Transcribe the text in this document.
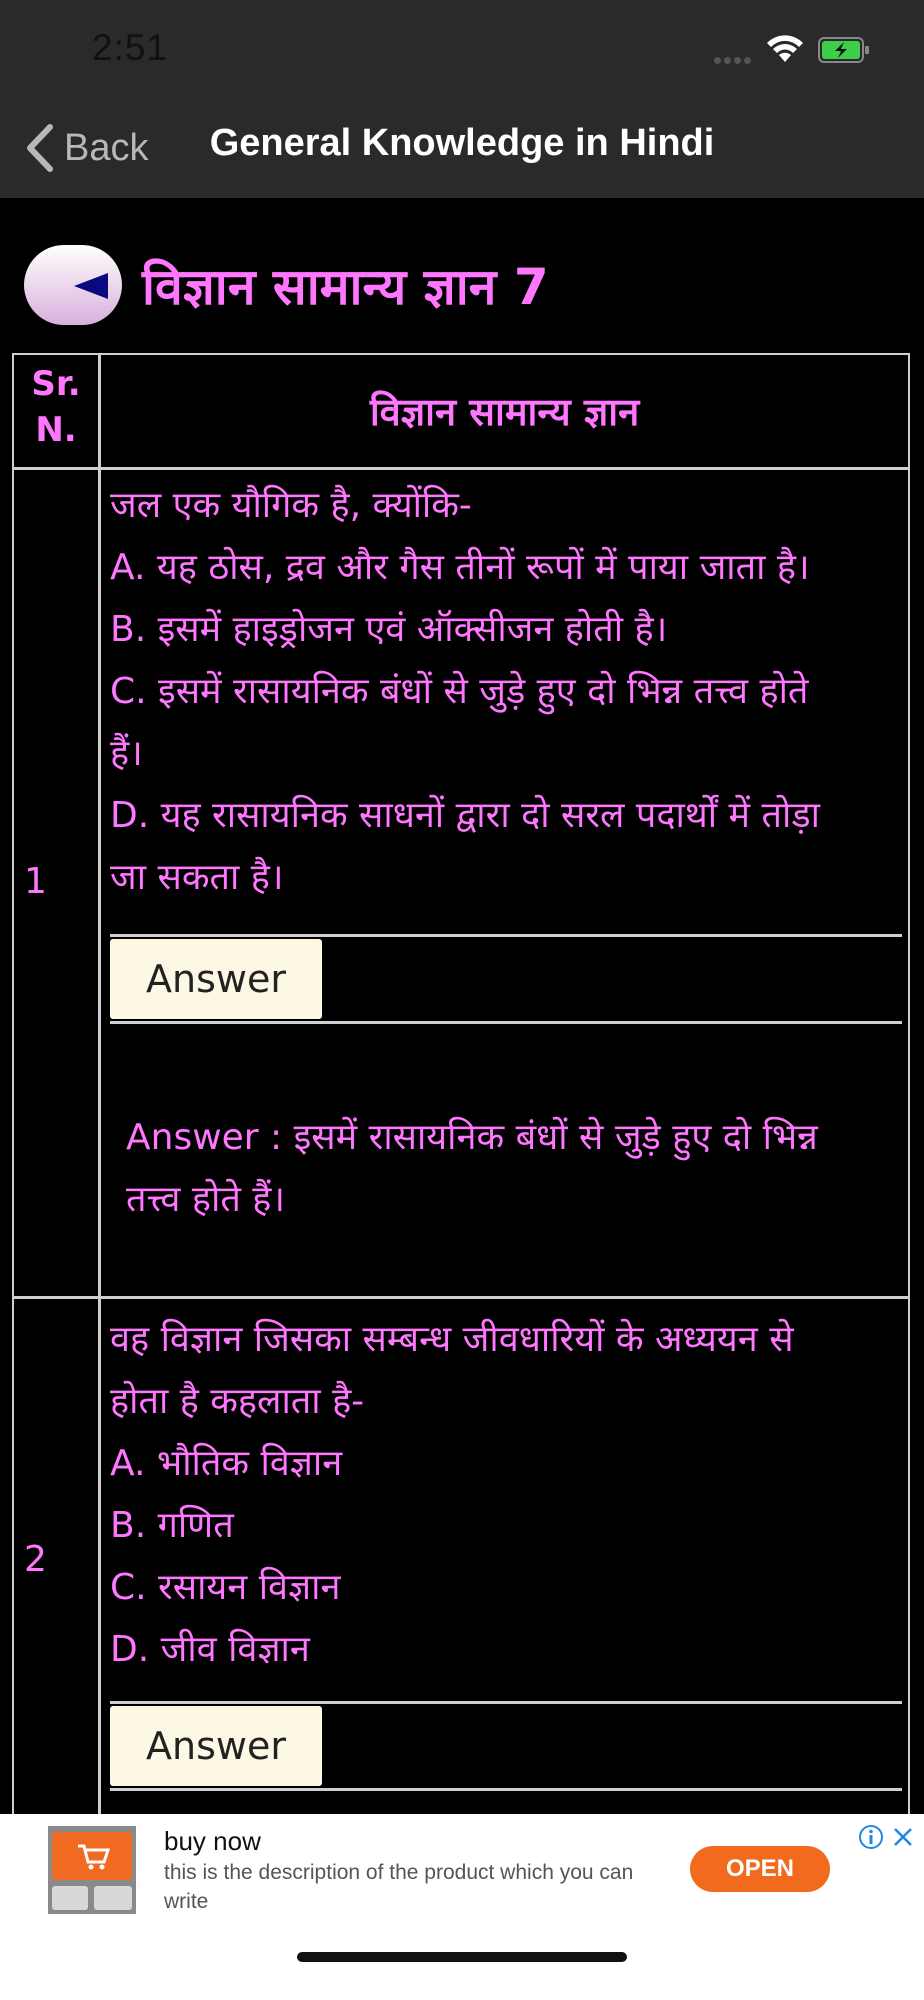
2:51
Back	General Knowledge in Hindi
विज्ञान सामान्य ज्ञान 7
Sr.
N.	विज्ञान सामान्य ज्ञान
1
जल एक यौगिक है, क्योंकि-
A. यह ठोस, द्रव और गैस तीनों रूपों में पाया जाता है।
B. इसमें हाइड्रोजन एवं ऑक्सीजन होती है।
C. इसमें रासायनिक बंधों से जुड़े हुए दो भिन्न तत्त्व होते
हैं।
D. यह रासायनिक साधनों द्वारा दो सरल पदार्थों में तोड़ा
जा सकता है।
Answer
Answer : इसमें रासायनिक बंधों से जुड़े हुए दो भिन्न
तत्त्व होते हैं।
2
वह विज्ञान जिसका सम्बन्ध जीवधारियों के अध्ययन से
होता है कहलाता है-
A. भौतिक विज्ञान
B. गणित
C. रसायन विज्ञान
D. जीव विज्ञान
Answer
buy now
this is the description of the product which you can write
OPEN
